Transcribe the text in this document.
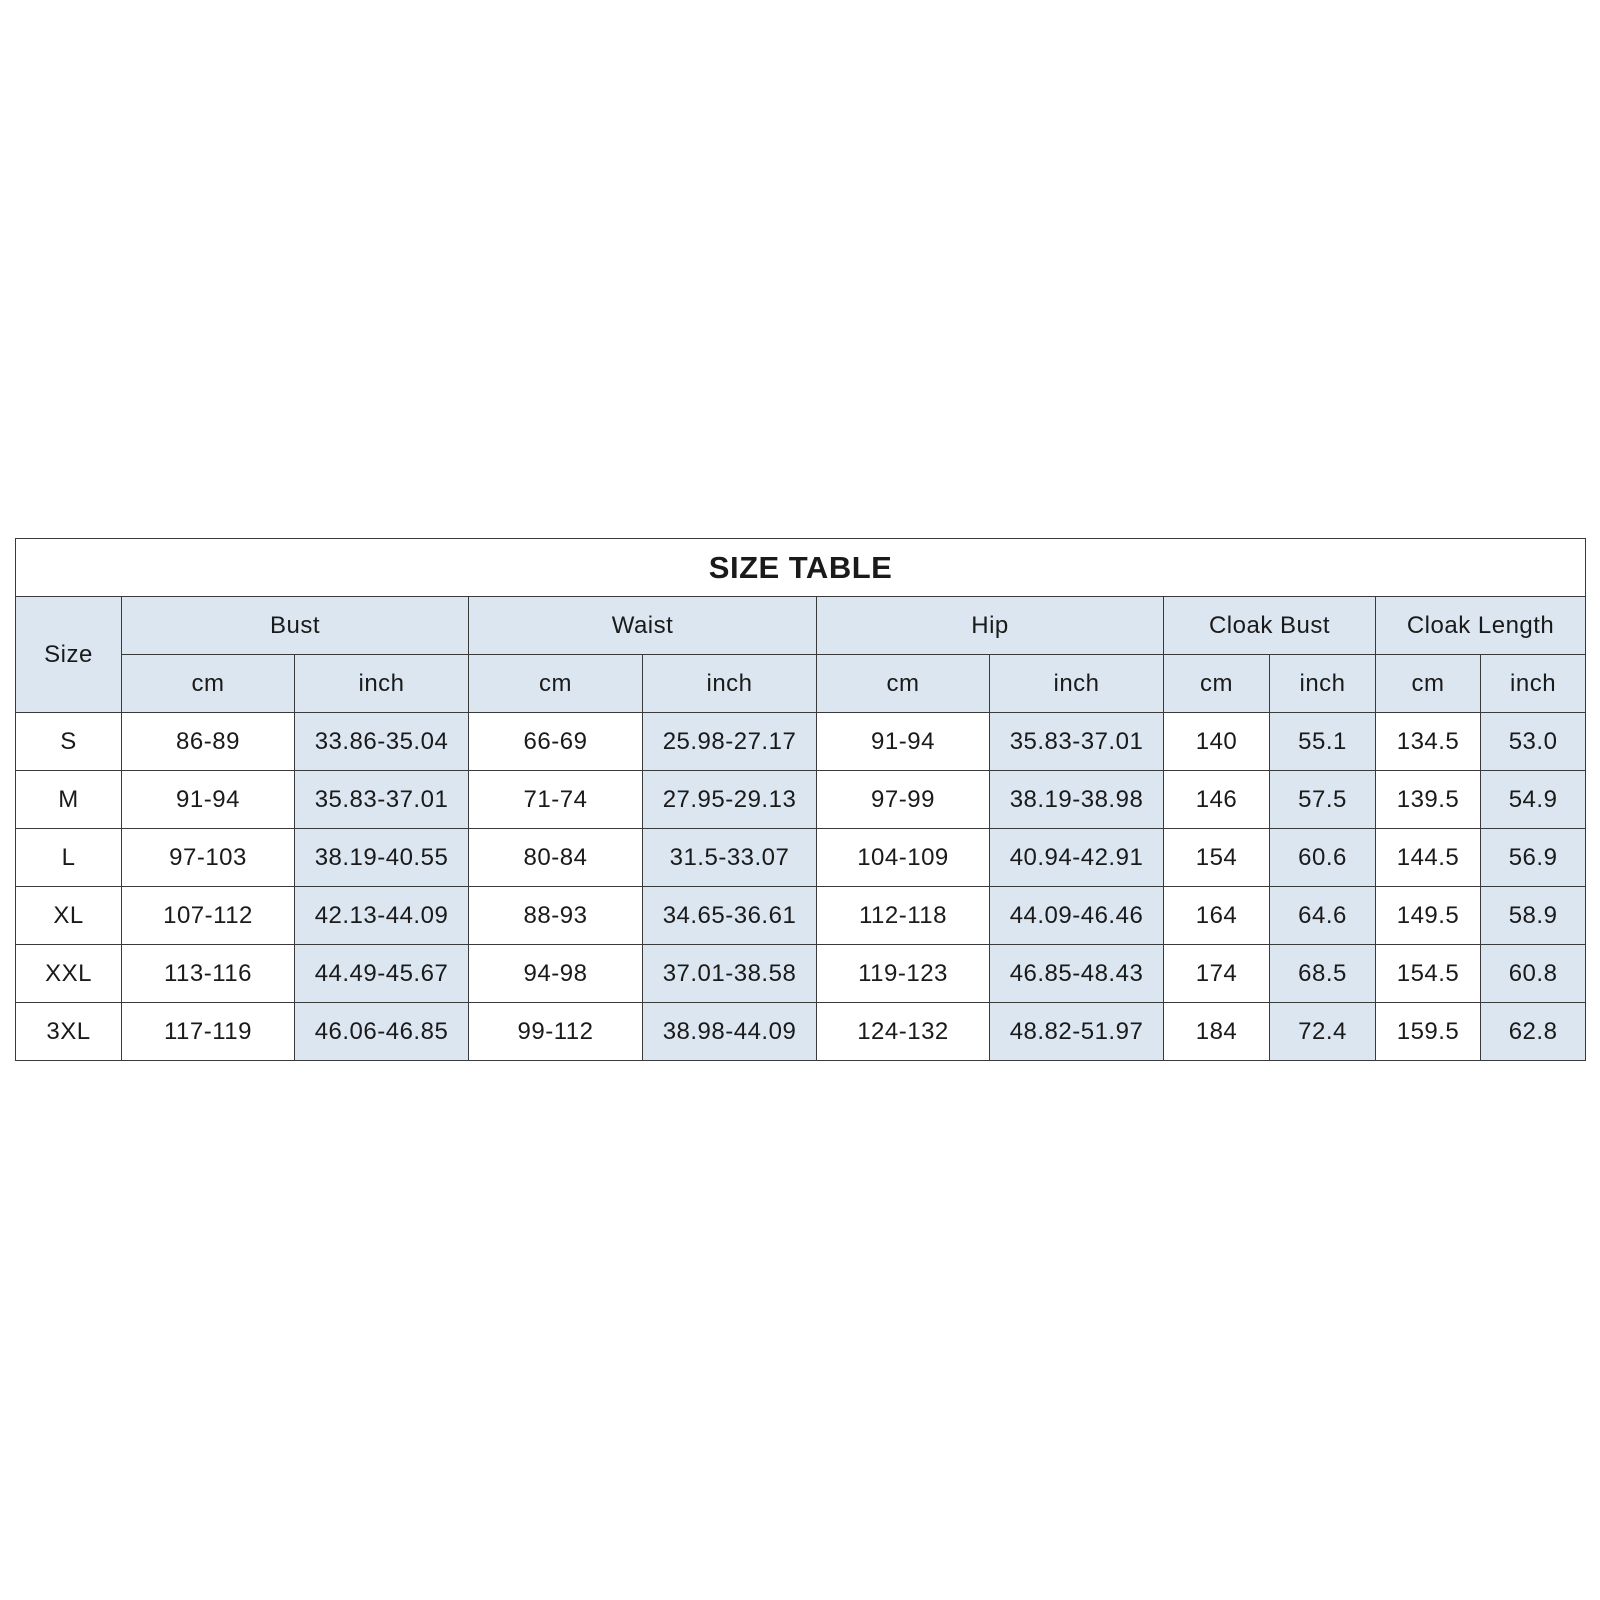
SIZE TABLE										
Size	Bust		Waist		Hip		Cloak Bust		Cloak Length	
	cm	inch	cm	inch	cm	inch	cm	inch	cm	inch
S	86-89	33.86-35.04	66-69	25.98-27.17	91-94	35.83-37.01	140	55.1	134.5	53.0
M	91-94	35.83-37.01	71-74	27.95-29.13	97-99	38.19-38.98	146	57.5	139.5	54.9
L	97-103	38.19-40.55	80-84	31.5-33.07	104-109	40.94-42.91	154	60.6	144.5	56.9
XL	107-112	42.13-44.09	88-93	34.65-36.61	112-118	44.09-46.46	164	64.6	149.5	58.9
XXL	113-116	44.49-45.67	94-98	37.01-38.58	119-123	46.85-48.43	174	68.5	154.5	60.8
3XL	117-119	46.06-46.85	99-112	38.98-44.09	124-132	48.82-51.97	184	72.4	159.5	62.8
